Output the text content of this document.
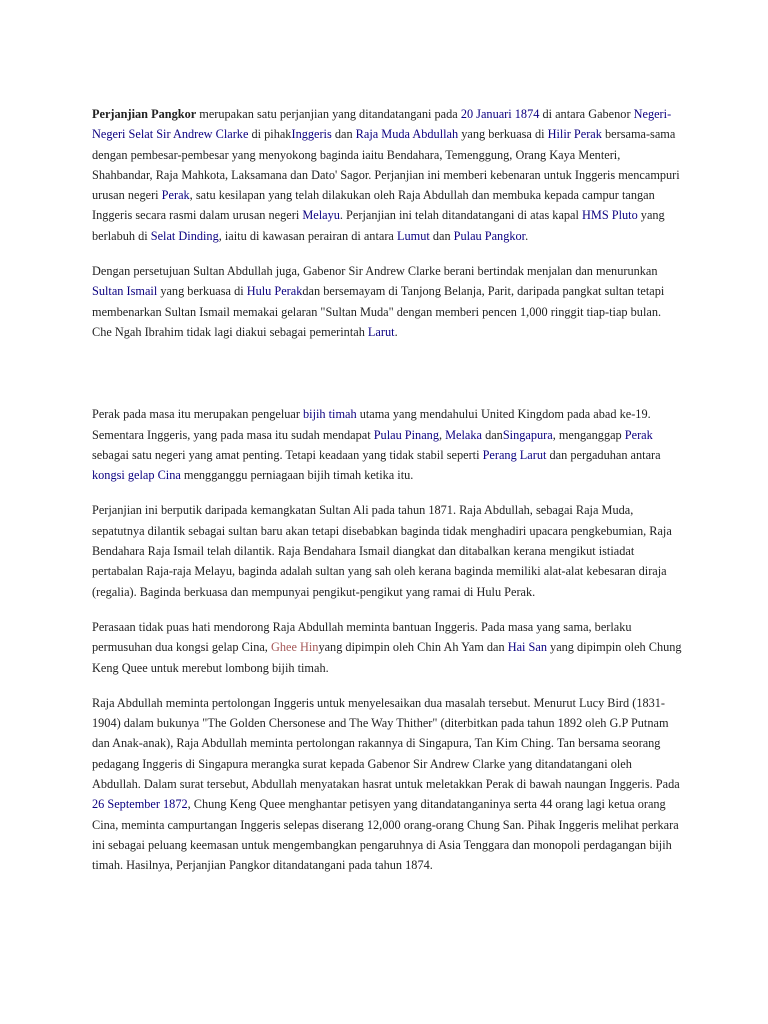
Perjanjian Pangkor merupakan satu perjanjian yang ditandatangani pada 20 Januari 1874 di antara Gabenor Negeri-Negeri Selat Sir Andrew Clarke di pihakInggeris dan Raja Muda Abdullah yang berkuasa di Hilir Perak bersama-sama dengan pembesar-pembesar yang menyokong baginda iaitu Bendahara, Temenggung, Orang Kaya Menteri, Shahbandar, Raja Mahkota, Laksamana dan Dato' Sagor. Perjanjian ini memberi kebenaran untuk Inggeris mencampuri urusan negeri Perak, satu kesilapan yang telah dilakukan oleh Raja Abdullah dan membuka kepada campur tangan Inggeris secara rasmi dalam urusan negeri Melayu. Perjanjian ini telah ditandatangani di atas kapal HMS Pluto yang berlabuh di Selat Dinding, iaitu di kawasan perairan di antara Lumut dan Pulau Pangkor.

Dengan persetujuan Sultan Abdullah juga, Gabenor Sir Andrew Clarke berani bertindak menjalan dan menurunkan Sultan Ismail yang berkuasa di Hulu Perakdan bersemayam di Tanjong Belanja, Parit, daripada pangkat sultan tetapi membenarkan Sultan Ismail memakai gelaran "Sultan Muda" dengan memberi pencen 1,000 ringgit tiap-tiap bulan. Che Ngah Ibrahim tidak lagi diakui sebagai pemerintah Larut.

Perak pada masa itu merupakan pengeluar bijih timah utama yang mendahului United Kingdom pada abad ke-19. Sementara Inggeris, yang pada masa itu sudah mendapat Pulau Pinang, Melaka danSingapura, menganggap Perak sebagai satu negeri yang amat penting. Tetapi keadaan yang tidak stabil seperti Perang Larut dan pergaduhan antara kongsi gelap Cina mengganggu perniagaan bijih timah ketika itu.

Perjanjian ini berputik daripada kemangkatan Sultan Ali pada tahun 1871. Raja Abdullah, sebagai Raja Muda, sepatutnya dilantik sebagai sultan baru akan tetapi disebabkan baginda tidak menghadiri upacara pengkebumian, Raja Bendahara Raja Ismail telah dilantik. Raja Bendahara Ismail diangkat dan ditabalkan kerana mengikut istiadat pertabalan Raja-raja Melayu, baginda adalah sultan yang sah oleh kerana baginda memiliki alat-alat kebesaran diraja (regalia). Baginda berkuasa dan mempunyai pengikut-pengikut yang ramai di Hulu Perak.

Perasaan tidak puas hati mendorong Raja Abdullah meminta bantuan Inggeris. Pada masa yang sama, berlaku permusuhan dua kongsi gelap Cina, Ghee Hinyang dipimpin oleh Chin Ah Yam dan Hai San yang dipimpin oleh Chung Keng Quee untuk merebut lombong bijih timah.

Raja Abdullah meminta pertolongan Inggeris untuk menyelesaikan dua masalah tersebut. Menurut Lucy Bird (1831-1904) dalam bukunya "The Golden Chersonese and The Way Thither" (diterbitkan pada tahun 1892 oleh G.P Putnam dan Anak-anak), Raja Abdullah meminta pertolongan rakannya di Singapura, Tan Kim Ching. Tan bersama seorang pedagang Inggeris di Singapura merangka surat kepada Gabenor Sir Andrew Clarke yang ditandatangani oleh Abdullah. Dalam surat tersebut, Abdullah menyatakan hasrat untuk meletakkan Perak di bawah naungan Inggeris. Pada 26 September 1872, Chung Keng Quee menghantar petisyen yang ditandatanganinya serta 44 orang lagi ketua orang Cina, meminta campurtangan Inggeris selepas diserang 12,000 orang-orang Chung San. Pihak Inggeris melihat perkara ini sebagai peluang keemasan untuk mengembangkan pengaruhnya di Asia Tenggara dan monopoli perdagangan bijih timah. Hasilnya, Perjanjian Pangkor ditandatangani pada tahun 1874.
